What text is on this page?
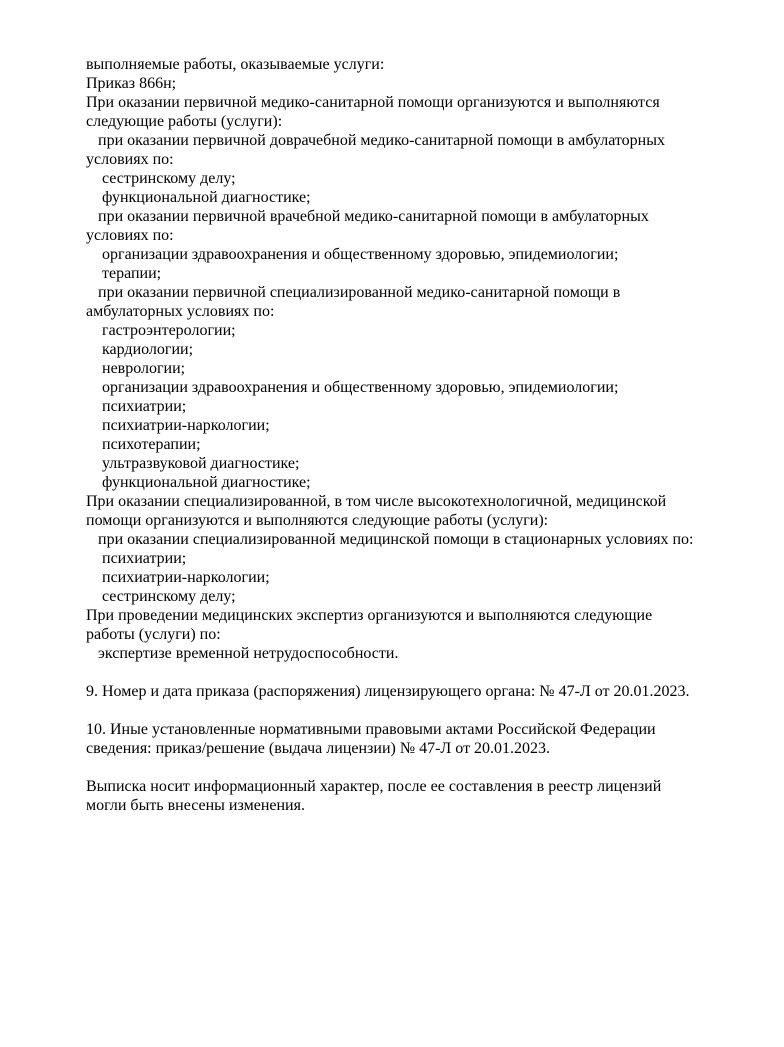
выполняемые работы, оказываемые услуги:

Приказ 866н;

При оказании первичной медико-санитарной помощи организуются и выполняются следующие работы (услуги):

при оказании первичной доврачебной медико-санитарной помощи в амбулаторных условиях по:

сестринскому делу;

функциональной диагностике;

при оказании первичной врачебной медико-санитарной помощи в амбулаторных условиях по:

организации здравоохранения и общественному здоровью, эпидемиологии;

терапии;

при оказании первичной специализированной медико-санитарной помощи в амбулаторных условиях по:

гастроэнтерологии;

кардиологии;

неврологии;

организации здравоохранения и общественному здоровью, эпидемиологии;

психиатрии;

психиатрии-наркологии;

психотерапии;

ультразвуковой диагностике;

функциональной диагностике;

При оказании специализированной, в том числе высокотехнологичной, медицинской помощи организуются и выполняются следующие работы (услуги):

при оказании специализированной медицинской помощи в стационарных условиях по:

психиатрии;

психиатрии-наркологии;

сестринскому делу;

При проведении медицинских экспертиз организуются и выполняются следующие работы (услуги) по:

экспертизе временной нетрудоспособности.

9. Номер и дата приказа (распоряжения) лицензирующего органа: № 47-Л от 20.01.2023.

10. Иные установленные нормативными правовыми актами Российской Федерации сведения: приказ/решение (выдача лицензии) № 47-Л от 20.01.2023.

Выписка носит информационный характер, после ее составления в реестр лицензий могли быть внесены изменения.
